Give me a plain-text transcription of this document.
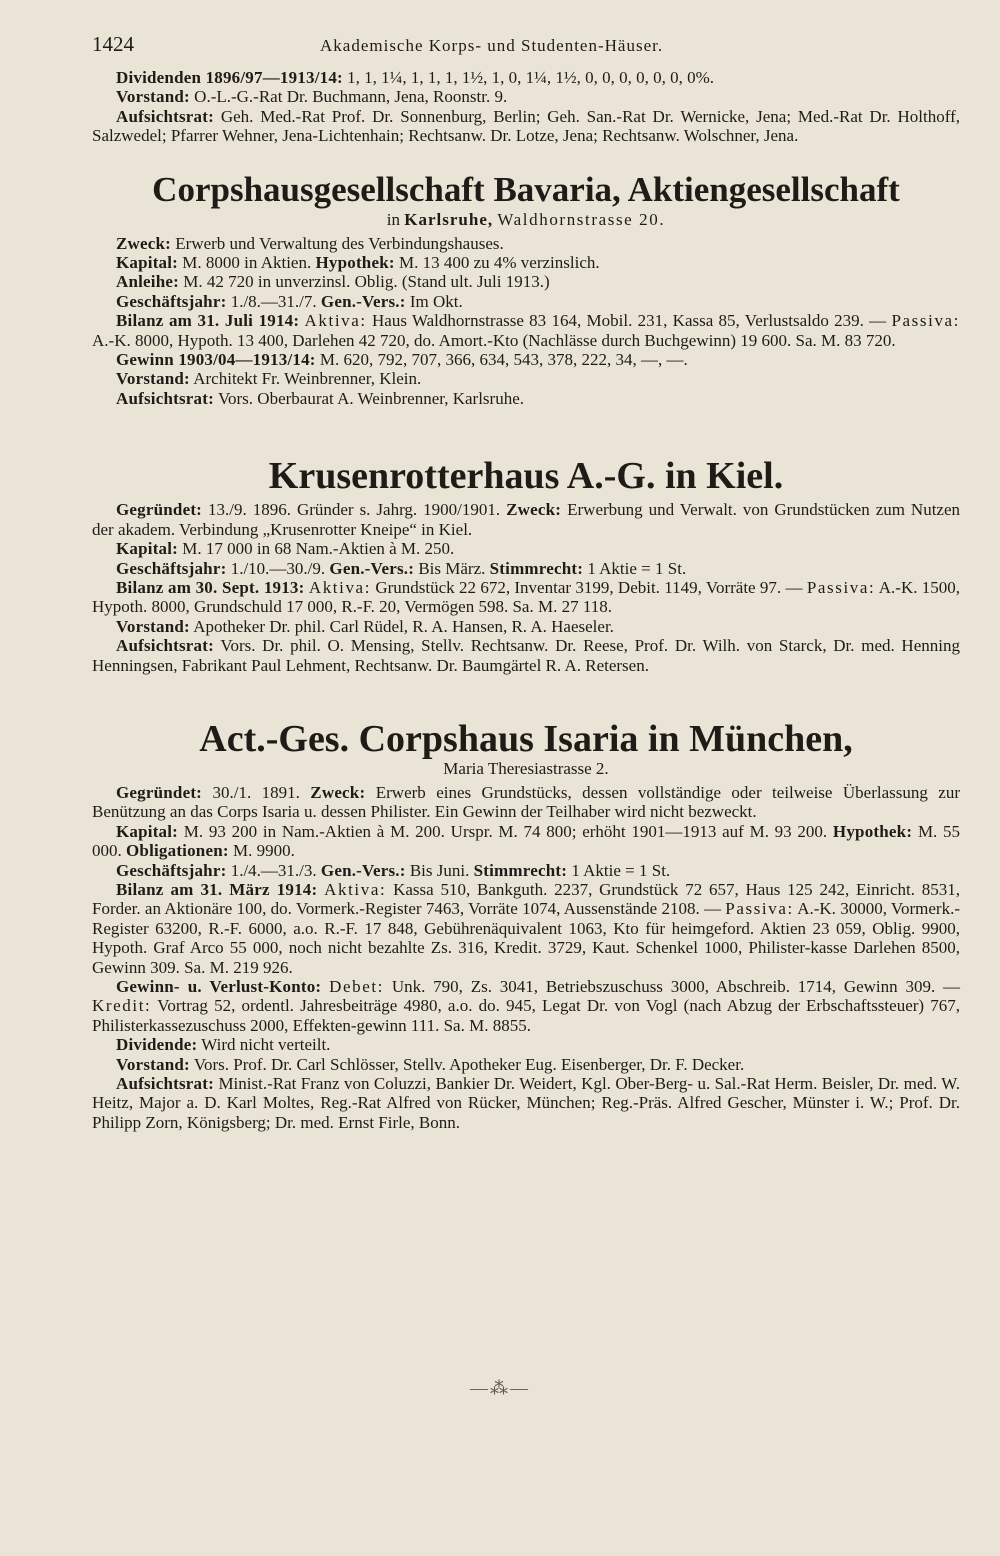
1424	Akademische Korps- und Studenten-Häuser.

Dividenden 1896/97—1913/14: 1, 1, 1¼, 1, 1, 1, 1½, 1, 0, 1¼, 1½, 0, 0, 0, 0, 0, 0, 0%.

Vorstand: O.-L.-G.-Rat Dr. Buchmann, Jena, Roonstr. 9.

Aufsichtsrat: Geh. Med.-Rat Prof. Dr. Sonnenburg, Berlin; Geh. San.-Rat Dr. Wernicke, Jena; Med.-Rat Dr. Holthoff, Salzwedel; Pfarrer Wehner, Jena-Lichtenhain; Rechtsanw. Dr. Lotze, Jena; Rechtsanw. Wolschner, Jena.

Corpshausgesellschaft Bavaria, Aktiengesellschaft

in Karlsruhe, Waldhornstrasse 20.

Zweck: Erwerb und Verwaltung des Verbindungshauses.

Kapital: M. 8000 in Aktien. Hypothek: M. 13 400 zu 4% verzinslich.

Anleihe: M. 42 720 in unverzinsl. Oblig. (Stand ult. Juli 1913.)

Geschäftsjahr: 1./8.—31./7. Gen.-Vers.: Im Okt.

Bilanz am 31. Juli 1914: Aktiva: Haus Waldhornstrasse 83 164, Mobil. 231, Kassa 85, Verlustsaldo 239. — Passiva: A.-K. 8000, Hypoth. 13 400, Darlehen 42 720, do. Amort.-Kto (Nachlässe durch Buchgewinn) 19 600. Sa. M. 83 720.

Gewinn 1903/04—1913/14: M. 620, 792, 707, 366, 634, 543, 378, 222, 34, —, —.

Vorstand: Architekt Fr. Weinbrenner, Klein.

Aufsichtsrat: Vors. Oberbaurat A. Weinbrenner, Karlsruhe.

Krusenrotterhaus A.-G. in Kiel.

Gegründet: 13./9. 1896. Gründer s. Jahrg. 1900/1901. Zweck: Erwerbung und Verwalt. von Grundstücken zum Nutzen der akadem. Verbindung „Krusenrotter Kneipe“ in Kiel.

Kapital: M. 17 000 in 68 Nam.-Aktien à M. 250.

Geschäftsjahr: 1./10.—30./9. Gen.-Vers.: Bis März. Stimmrecht: 1 Aktie = 1 St.

Bilanz am 30. Sept. 1913: Aktiva: Grundstück 22 672, Inventar 3199, Debit. 1149, Vorräte 97. — Passiva: A.-K. 1500, Hypoth. 8000, Grundschuld 17 000, R.-F. 20, Vermögen 598. Sa. M. 27 118.

Vorstand: Apotheker Dr. phil. Carl Rüdel, R. A. Hansen, R. A. Haeseler.

Aufsichtsrat: Vors. Dr. phil. O. Mensing, Stellv. Rechtsanw. Dr. Reese, Prof. Dr. Wilh. von Starck, Dr. med. Henning Henningsen, Fabrikant Paul Lehment, Rechtsanw. Dr. Baumgärtel R. A. Retersen.

Act.-Ges. Corpshaus Isaria in München,

Maria Theresiastrasse 2.

Gegründet: 30./1. 1891. Zweck: Erwerb eines Grundstücks, dessen vollständige oder teilweise Überlassung zur Benützung an das Corps Isaria u. dessen Philister. Ein Gewinn der Teilhaber wird nicht bezweckt.

Kapital: M. 93 200 in Nam.-Aktien à M. 200. Urspr. M. 74 800; erhöht 1901—1913 auf M. 93 200. Hypothek: M. 55 000. Obligationen: M. 9900.

Geschäftsjahr: 1./4.—31./3. Gen.-Vers.: Bis Juni. Stimmrecht: 1 Aktie = 1 St.

Bilanz am 31. März 1914: Aktiva: Kassa 510, Bankguth. 2237, Grundstück 72 657, Haus 125 242, Einricht. 8531, Forder. an Aktionäre 100, do. Vormerk.-Register 7463, Vorräte 1074, Aussenstände 2108. — Passiva: A.-K. 30000, Vormerk.-Register 63200, R.-F. 6000, a.o. R.-F. 17 848, Gebührenäquivalent 1063, Kto für heimgeford. Aktien 23 059, Oblig. 9900, Hypoth. Graf Arco 55 000, noch nicht bezahlte Zs. 316, Kredit. 3729, Kaut. Schenkel 1000, Philister-kasse Darlehen 8500, Gewinn 309. Sa. M. 219 926.

Gewinn- u. Verlust-Konto: Debet: Unk. 790, Zs. 3041, Betriebszuschuss 3000, Abschreib. 1714, Gewinn 309. — Kredit: Vortrag 52, ordentl. Jahresbeiträge 4980, a.o. do. 945, Legat Dr. von Vogl (nach Abzug der Erbschaftssteuer) 767, Philisterkassezuschuss 2000, Effekten-gewinn 111. Sa. M. 8855.

Dividende: Wird nicht verteilt.

Vorstand: Vors. Prof. Dr. Carl Schlösser, Stellv. Apotheker Eug. Eisenberger, Dr. F. Decker.

Aufsichtsrat: Minist.-Rat Franz von Coluzzi, Bankier Dr. Weidert, Kgl. Ober-Berg- u. Sal.-Rat Herm. Beisler, Dr. med. W. Heitz, Major a. D. Karl Moltes, Reg.-Rat Alfred von Rücker, München; Reg.-Präs. Alfred Gescher, Münster i. W.; Prof. Dr. Philipp Zorn, Königsberg; Dr. med. Ernst Firle, Bonn.

—⁂—
